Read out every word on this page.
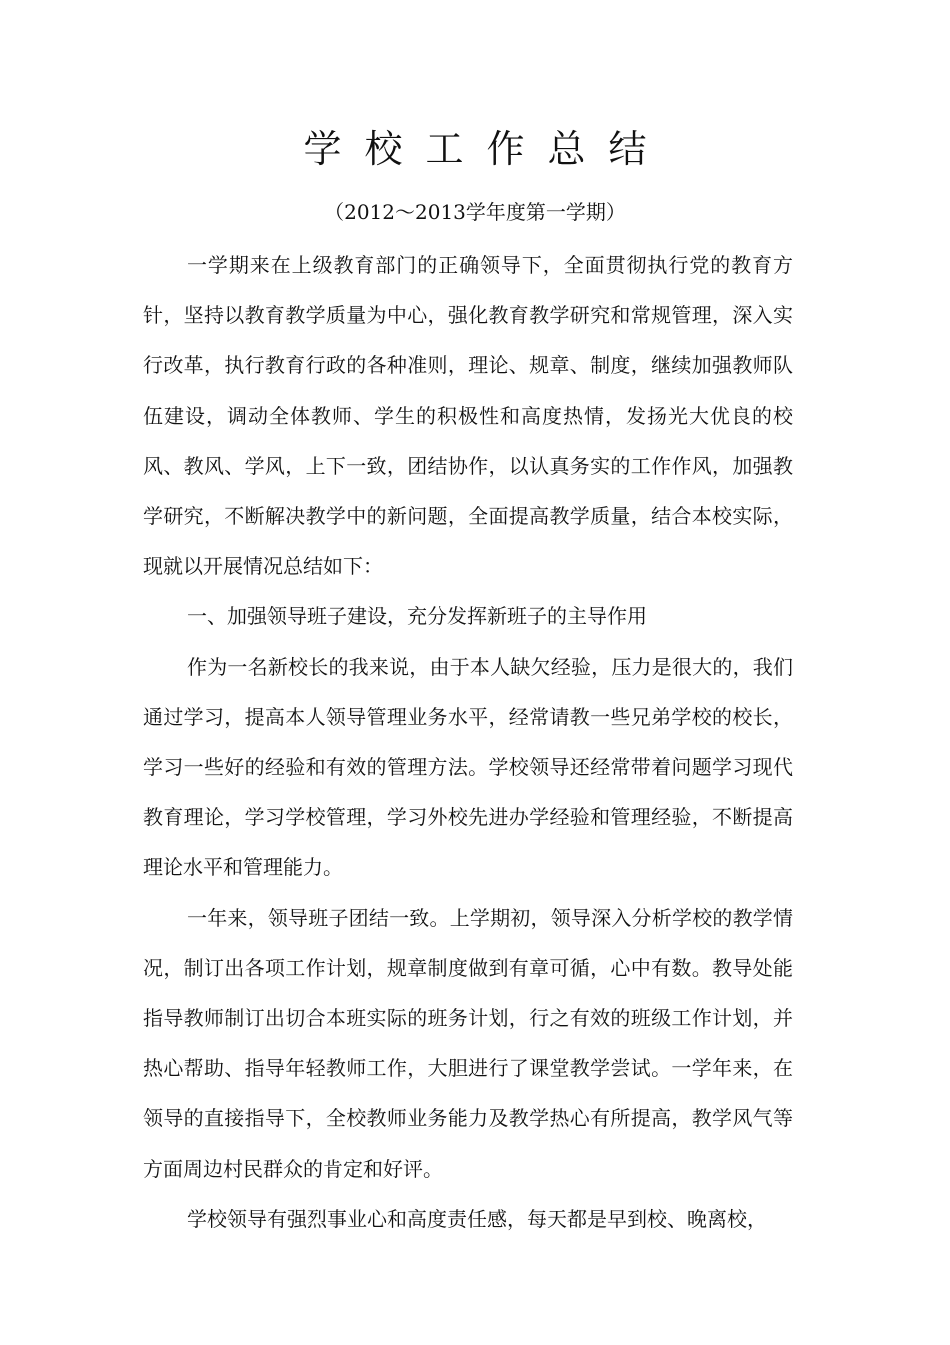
学校工作总结

（2012～2013学年度第一学期）

一学期来在上级教育部门的正确领导下，全面贯彻执行党的教育方针，坚持以教育教学质量为中心，强化教育教学研究和常规管理，深入实行改革，执行教育行政的各种准则，理论、规章、制度，继续加强教师队伍建设，调动全体教师、学生的积极性和高度热情，发扬光大优良的校风、教风、学风，上下一致，团结协作，以认真务实的工作作风，加强教学研究，不断解决教学中的新问题，全面提高教学质量，结合本校实际，现就以开展情况总结如下：

一、加强领导班子建设，充分发挥新班子的主导作用

作为一名新校长的我来说，由于本人缺欠经验，压力是很大的，我们通过学习，提高本人领导管理业务水平，经常请教一些兄弟学校的校长，学习一些好的经验和有效的管理方法。学校领导还经常带着问题学习现代教育理论，学习学校管理，学习外校先进办学经验和管理经验，不断提高理论水平和管理能力。

一年来，领导班子团结一致。上学期初，领导深入分析学校的教学情况，制订出各项工作计划，规章制度做到有章可循，心中有数。教导处能指导教师制订出切合本班实际的班务计划，行之有效的班级工作计划，并热心帮助、指导年轻教师工作，大胆进行了课堂教学尝试。一学年来，在领导的直接指导下，全校教师业务能力及教学热心有所提高，教学风气等方面周边村民群众的肯定和好评。

学校领导有强烈事业心和高度责任感，每天都是早到校、晚离校，
